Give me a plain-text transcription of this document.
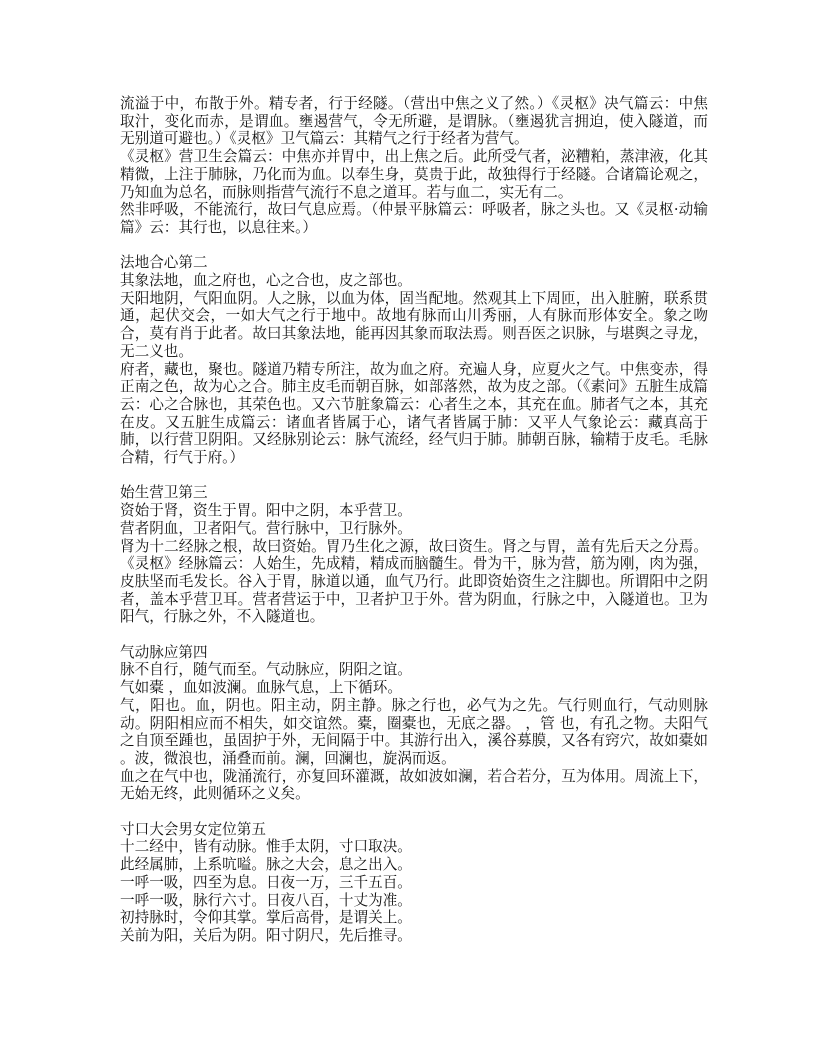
流溢于中，布散于外。精专者，行于经隧。（营出中焦之义了然。）《灵枢》决气篇云：中焦取汁，变化而赤，是谓血。壅遏营气，令无所避，是谓脉。（壅遏犹言拥迫，使入隧道，而无别道可避也。）《灵枢》卫气篇云：其精气之行于经者为营气。

《灵枢》营卫生会篇云：中焦亦并胃中，出上焦之后。此所受气者，泌糟粕，蒸津液，化其精微，上注于肺脉，乃化而为血。以奉生身，莫贵于此，故独得行于经隧。合诸篇论观之，乃知血为总名，而脉则指营气流行不息之道耳。若与血二，实无有二。

然非呼吸，不能流行，故曰气息应焉。（仲景平脉篇云：呼吸者，脉之头也。又《灵枢·动输篇》云：其行也，以息往来。）

法地合心第二

其象法地，血之府也，心之合也，皮之部也。

天阳地阴，气阳血阴。人之脉，以血为体，固当配地。然观其上下周匝，出入脏腑，联系贯通，起伏交会，一如大气之行于地中。故地有脉而山川秀丽，人有脉而形体安全。象之吻合，莫有肖于此者。故曰其象法地，能再因其象而取法焉。则吾医之识脉，与堪舆之寻龙，无二义也。

府者，藏也，聚也。隧道乃精专所注，故为血之府。充遍人身，应夏火之气。中焦变赤，得正南之色，故为心之合。肺主皮毛而朝百脉，如部落然，故为皮之部。（《素问》五脏生成篇云：心之合脉也，其荣色也。又六节脏象篇云：心者生之本，其充在血。肺者气之本，其充在皮。又五脏生成篇云：诸血者皆属于心，诸气者皆属于肺：又平人气象论云：藏真高于肺，以行营卫阴阳。又经脉别论云：脉气流经，经气归于肺。肺朝百脉，输精于皮毛。毛脉合精，行气于府。）

始生营卫第三

资始于肾，资生于胃。阳中之阴，本乎营卫。

营者阴血，卫者阳气。营行脉中，卫行脉外。

肾为十二经脉之根，故曰资始。胃乃生化之源，故曰资生。肾之与胃，盖有先后天之分焉。《灵枢》经脉篇云：人始生，先成精，精成而脑髓生。骨为干，脉为营，筋为刚，肉为强，皮肤坚而毛发长。谷入于胃，脉道以通，血气乃行。此即资始资生之注脚也。所谓阳中之阴者，盖本乎营卫耳。营者营运于中，卫者护卫于外。营为阴血，行脉之中，入隧道也。卫为阳气，行脉之外，不入隧道也。

气动脉应第四

脉不自行，随气而至。气动脉应，阴阳之谊。

气如橐 ，血如波澜。血脉气息，上下循环。

气，阳也。血，阴也。阳主动，阴主静。脉之行也，必气为之先。气行则血行，气动则脉动。阴阳相应而不相失，如交谊然。橐，圈橐也，无底之器。 ，管 也，有孔之物。夫阳气之自顶至踵也，虽固护于外，无间隔于中。其游行出入，溪谷募膜，又各有窍穴，故如橐如 。波，微浪也，涌叠而前。澜，回澜也，旋涡而返。

血之在气中也，陇涌流行，亦复回环灌溉，故如波如澜，若合若分，互为体用。周流上下，无始无终，此则循环之义矣。

寸口大会男女定位第五

十二经中，皆有动脉。惟手太阴，寸口取决。

此经属肺，上系吭嗌。脉之大会，息之出入。

一呼一吸，四至为息。日夜一万，三千五百。

一呼一吸，脉行六寸。日夜八百，十丈为准。

初持脉时，令仰其掌。掌后高骨，是谓关上。

关前为阳，关后为阴。阳寸阴尺，先后推寻。
